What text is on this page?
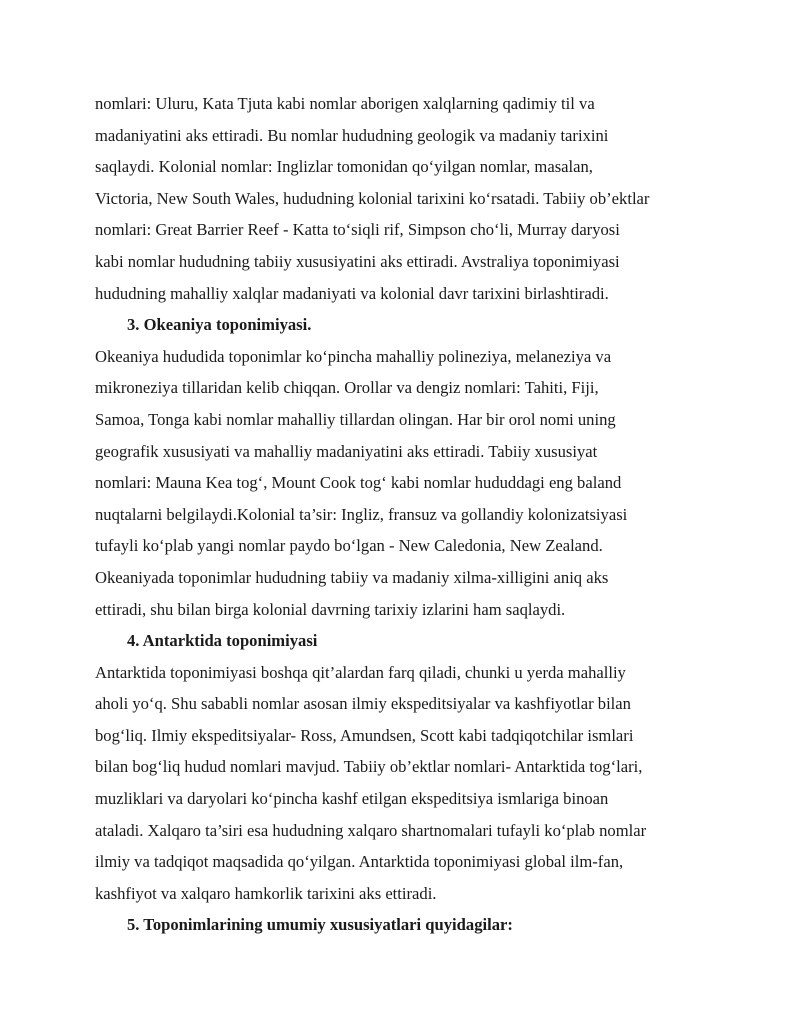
nomlari: Uluru, Kata Tjuta kabi nomlar aborigen xalqlarning qadimiy til va
madaniyatini aks ettiradi. Bu nomlar hududning geologik va madaniy tarixini
saqlaydi. Kolonial nomlar: Inglizlar tomonidan qo‘yilgan nomlar, masalan,
Victoria, New South Wales, hududning kolonial tarixini ko‘rsatadi. Tabiiy ob’ektlar
nomlari: Great Barrier Reef - Katta to‘siqli rif, Simpson cho‘li, Murray daryosi
kabi nomlar hududning tabiiy xususiyatini aks ettiradi. Avstraliya toponimiyasi
hududning mahalliy xalqlar madaniyati va kolonial davr tarixini birlashtiradi.
3. Okeaniya toponimiyasi.
Okeaniya hududida toponimlar ko‘pincha mahalliy polineziya, melaneziya va
mikroneziya tillaridan kelib chiqqan. Orollar va dengiz nomlari: Tahiti, Fiji,
Samoa, Tonga kabi nomlar mahalliy tillardan olingan. Har bir orol nomi uning
geografik xususiyati va mahalliy madaniyatini aks ettiradi. Tabiiy xususiyat
nomlari: Mauna Kea tog‘, Mount Cook tog‘ kabi nomlar hududdagi eng baland
nuqtalarni belgilaydi.Kolonial ta’sir: Ingliz, fransuz va gollandiy kolonizatsiyasi
tufayli ko‘plab yangi nomlar paydo bo‘lgan - New Caledonia, New Zealand.
Okeaniyada toponimlar hududning tabiiy va madaniy xilma-xilligini aniq aks
ettiradi, shu bilan birga kolonial davrning tarixiy izlarini ham saqlaydi.
4. Antarktida toponimiyasi
Antarktida toponimiyasi boshqa qit’alardan farq qiladi, chunki u yerda mahalliy
aholi yo‘q. Shu sababli nomlar asosan ilmiy ekspeditsiyalar va kashfiyotlar bilan
bog‘liq. Ilmiy ekspeditsiyalar- Ross, Amundsen, Scott kabi tadqiqotchilar ismlari
bilan bog‘liq hudud nomlari mavjud. Tabiiy ob’ektlar nomlari- Antarktida tog‘lari,
muzliklari va daryolari ko‘pincha kashf etilgan ekspeditsiya ismlariga binoan
ataladi. Xalqaro ta’siri esa hududning xalqaro shartnomalari tufayli ko‘plab nomlar
ilmiy va tadqiqot maqsadida qo‘yilgan. Antarktida toponimiyasi global ilm-fan,
kashfiyot va xalqaro hamkorlik tarixini aks ettiradi.
5. Toponimlarining umumiy xususiyatlari quyidagilar:
